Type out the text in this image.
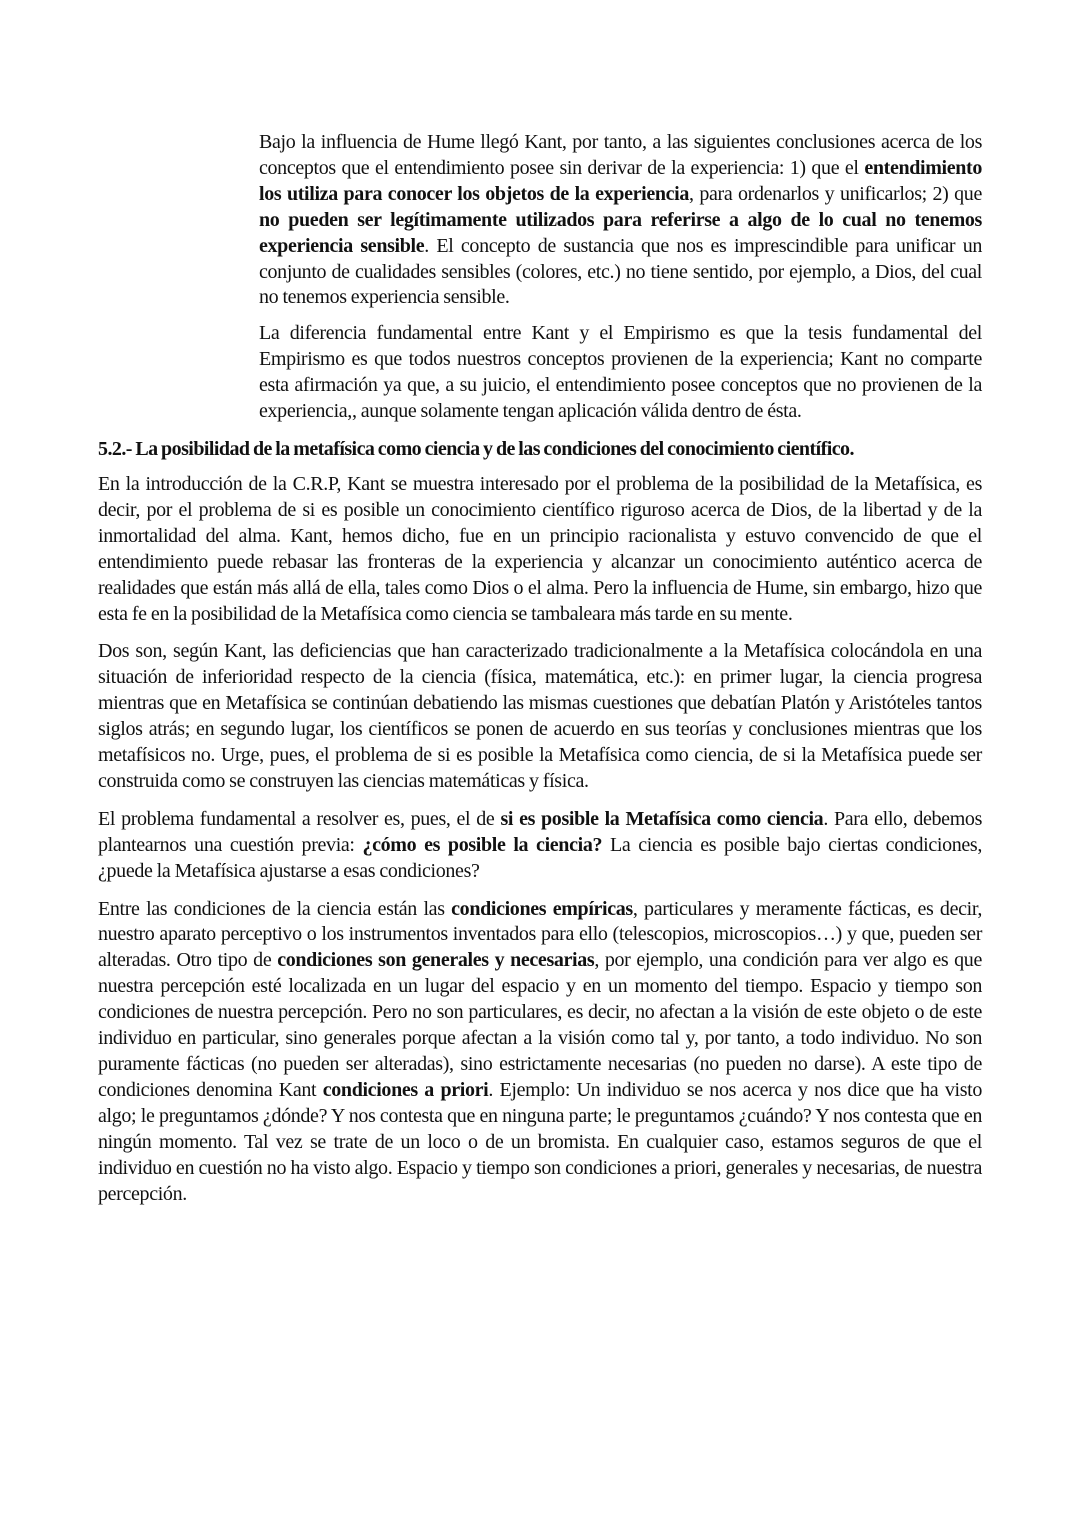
Bajo la influencia de Hume llegó Kant, por tanto, a las siguientes conclusiones acerca de los conceptos que el entendimiento posee sin derivar de la experiencia: 1) que el entendimiento los utiliza para conocer los objetos de la experiencia, para ordenarlos y unificarlos; 2) que no pueden ser legítimamente utilizados para referirse a algo de lo cual no tenemos experiencia sensible. El concepto de sustancia que nos es imprescindible para unificar un conjunto de cualidades sensibles (colores, etc.) no tiene sentido, por ejemplo, a Dios, del cual no tenemos experiencia sensible.

La diferencia fundamental entre Kant y el Empirismo es que la tesis fundamental del Empirismo es que todos nuestros conceptos provienen de la experiencia; Kant no comparte esta afirmación ya que, a su juicio, el entendimiento posee conceptos que no provienen de la experiencia,, aunque solamente tengan aplicación válida dentro de ésta.

5.2.- La posibilidad de la metafísica como ciencia y de las condiciones del conocimiento científico.

En la introducción de la C.R.P, Kant se muestra interesado por el problema de la posibilidad de la Metafísica, es decir, por el problema de si es posible un conocimiento científico riguroso acerca de Dios, de la libertad y de la inmortalidad del alma. Kant, hemos dicho, fue en un principio racionalista y estuvo convencido de que el entendimiento puede rebasar las fronteras de la experiencia y alcanzar un conocimiento auténtico acerca de realidades que están más allá de ella, tales como Dios o el alma. Pero la influencia de Hume, sin embargo, hizo que esta fe en la posibilidad de la Metafísica como ciencia se tambaleara más tarde en su mente.

Dos son, según Kant, las deficiencias que han caracterizado tradicionalmente a la Metafísica colocándola en una situación de inferioridad respecto de la ciencia (física, matemática, etc.): en primer lugar, la ciencia progresa mientras que en Metafísica se continúan debatiendo las mismas cuestiones que debatían Platón y Aristóteles tantos siglos atrás; en segundo lugar, los científicos se ponen de acuerdo en sus teorías y conclusiones mientras que los metafísicos no. Urge, pues, el problema de si es posible la Metafísica como ciencia, de si la Metafísica puede ser construida como se construyen las ciencias matemáticas y física.

El problema fundamental a resolver es, pues, el de si es posible la Metafísica como ciencia. Para ello, debemos plantearnos una cuestión previa: ¿cómo es posible la ciencia? La ciencia es posible bajo ciertas condiciones, ¿puede la Metafísica ajustarse a esas condiciones?

Entre las condiciones de la ciencia están las condiciones empíricas, particulares y meramente fácticas, es decir, nuestro aparato perceptivo o los instrumentos inventados para ello (telescopios, microscopios…) y que, pueden ser alteradas. Otro tipo de condiciones son generales y necesarias, por ejemplo, una condición para ver algo es que nuestra percepción esté localizada en un lugar del espacio y en un momento del tiempo. Espacio y tiempo son condiciones de nuestra percepción. Pero no son particulares, es decir, no afectan a la visión de este objeto o de este individuo en particular, sino generales porque afectan a la visión como tal y, por tanto, a todo individuo. No son puramente fácticas (no pueden ser alteradas), sino estrictamente necesarias (no pueden no darse). A este tipo de condiciones denomina Kant condiciones a priori. Ejemplo: Un individuo se nos acerca y nos dice que ha visto algo; le preguntamos ¿dónde? Y nos contesta que en ninguna parte; le preguntamos ¿cuándo? Y nos contesta que en ningún momento. Tal vez se trate de un loco o de un bromista. En cualquier caso, estamos seguros de que el individuo en cuestión no ha visto algo. Espacio y tiempo son condiciones a priori, generales y necesarias, de nuestra percepción.
